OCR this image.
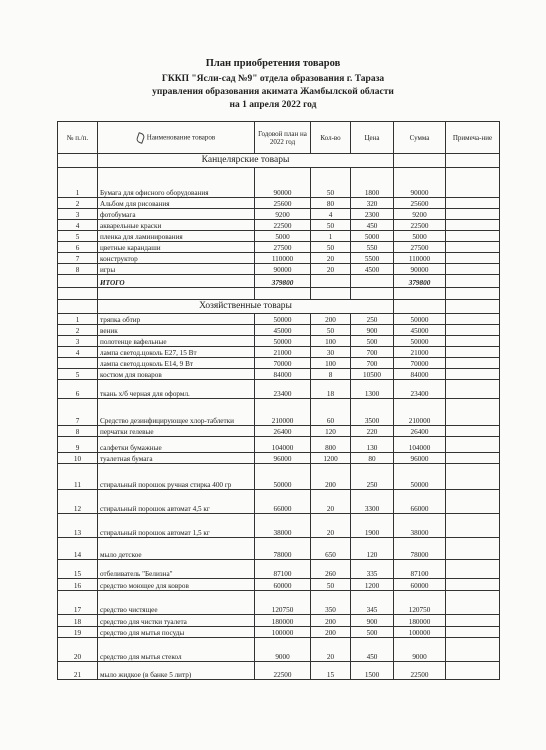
План приобретения товаров
ГККП "Ясли-сад №9" отдела образования г. Тараза
управления образования акимата Жамбылской области
на 1 апреля 2022 год
№ п./п.	Наименование товаров	Годовой план на 2022 год	Кол-во	Цена	Сумма	Примеча-ние
	Канцелярские товары					
1	Бумага для офисного оборудования	90000	50	1800	90000	
2	Альбом для рисования	25600	80	320	25600	
3	фотобумага	9200	4	2300	9200	
4	акварельные краски	22500	50	450	22500	
5	пленка для ламинирования	5000	1	5000	5000	
6	цветные карандаши	27500	50	550	27500	
7	конструктор	110000	20	5500	110000	
8	игры	90000	20	4500	90000	
	ИТОГО	379800			379800	

	Хозяйственные товары					
1	тряпка обтир	50000	200	250	50000	
2	веник	45000	50	900	45000	
3	полотенце вафельные	50000	100	500	50000	
4	лампа светод.цоколь Е27, 15 Вт	21000	30	700	21000	
	лампа светод.цоколь Е14, 9 Вт	70000	100	700	70000	
5	костюм для поваров	84000	8	10500	84000	
6	ткань х/б черная для оформл.	23400	18	1300	23400	
7	Средство дезинфицирующее хлор-таблетки	210000	60	3500	210000	
8	перчатки гелевые	26400	120	220	26400	
9	салфетки бумажные	104000	800	130	104000	
10	туалетная бумага	96000	1200	80	96000	
11	стиральный порошок ручная стирка 400 гр	50000	200	250	50000	
12	стиральный порошок автомат 4,5 кг	66000	20	3300	66000	
13	стиральный порошок автомат 1,5 кг	38000	20	1900	38000	
14	мыло детское	78000	650	120	78000	
15	отбеливатель "Белизна"	87100	260	335	87100	
16	средство моющее для ковров	60000	50	1200	60000	
17	средство чистящее	120750	350	345	120750	
18	средство для чистки туалета	180000	200	900	180000	
19	средство для мытья посуды	100000	200	500	100000	
20	средство для мытья стекол	9000	20	450	9000	
21	мыло жидкое (в банке 5 литр)	22500	15	1500	22500	
